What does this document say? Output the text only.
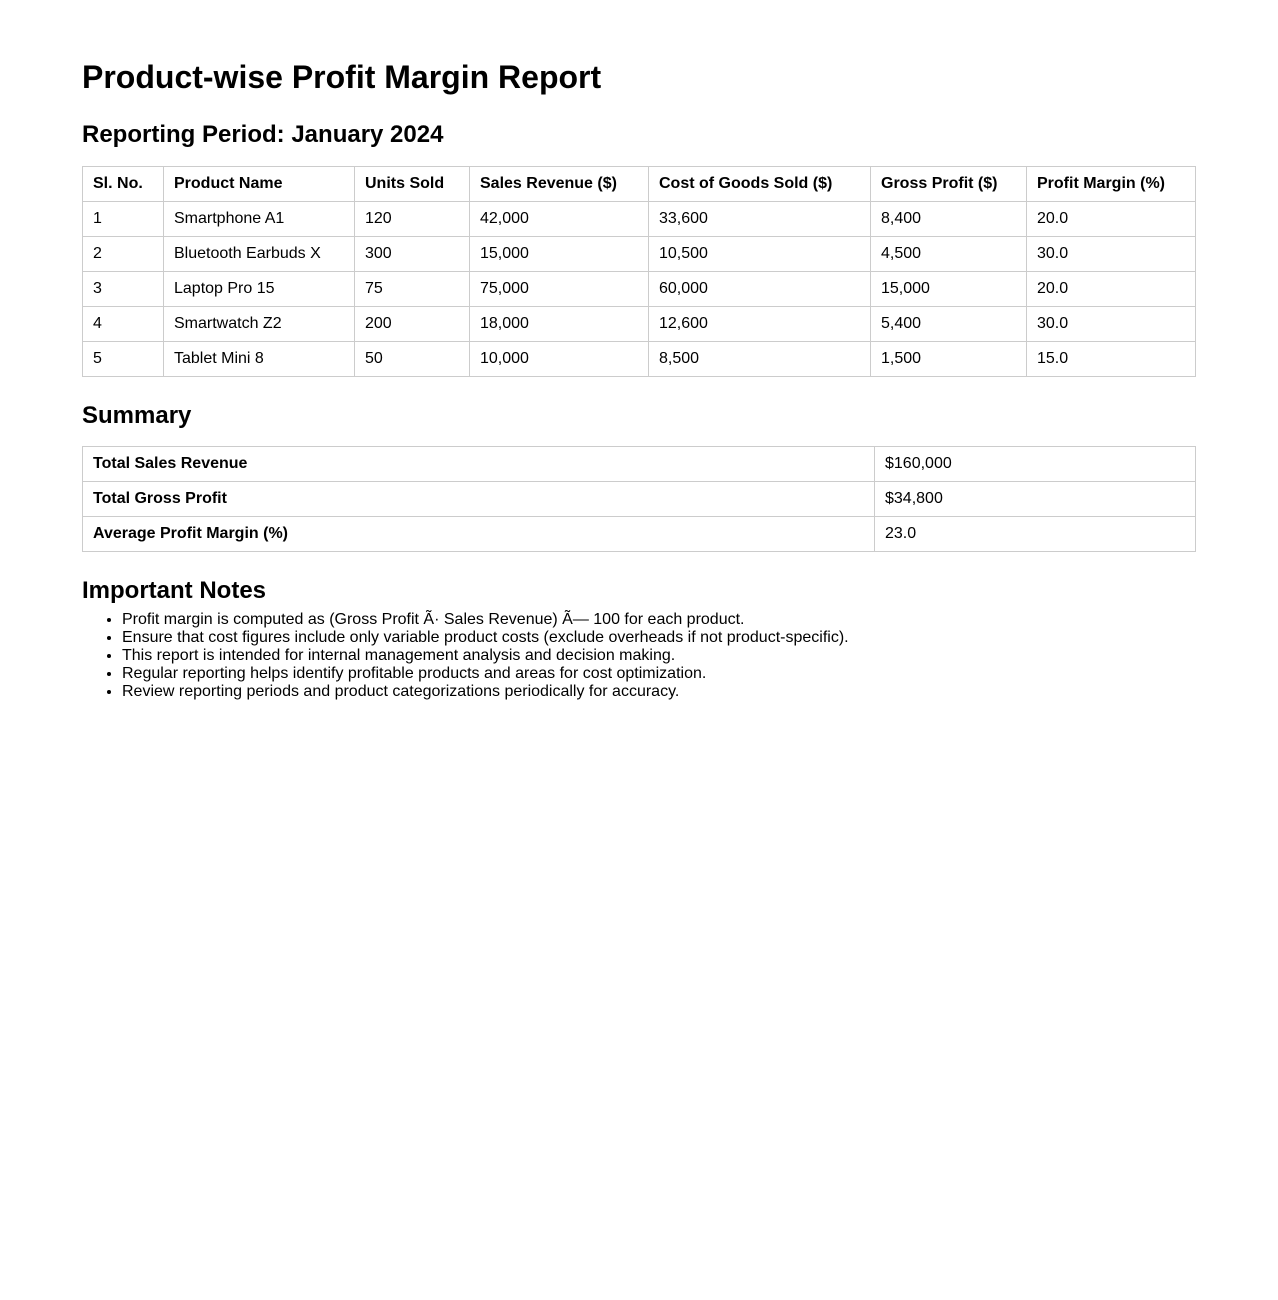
Product-wise Profit Margin Report
Reporting Period: January 2024
Sl. No.	Product Name	Units Sold	Sales Revenue ($)	Cost of Goods Sold ($)	Gross Profit ($)	Profit Margin (%)
1	Smartphone A1	120	42,000	33,600	8,400	20.0
2	Bluetooth Earbuds X	300	15,000	10,500	4,500	30.0
3	Laptop Pro 15	75	75,000	60,000	15,000	20.0
4	Smartwatch Z2	200	18,000	12,600	5,400	30.0
5	Tablet Mini 8	50	10,000	8,500	1,500	15.0
Summary
Total Sales Revenue	$160,000
Total Gross Profit	$34,800
Average Profit Margin (%)	23.0
Important Notes
• Profit margin is computed as (Gross Profit Ã· Sales Revenue) Ã— 100 for each product.
• Ensure that cost figures include only variable product costs (exclude overheads if not product-specific).
• This report is intended for internal management analysis and decision making.
• Regular reporting helps identify profitable products and areas for cost optimization.
• Review reporting periods and product categorizations periodically for accuracy.
